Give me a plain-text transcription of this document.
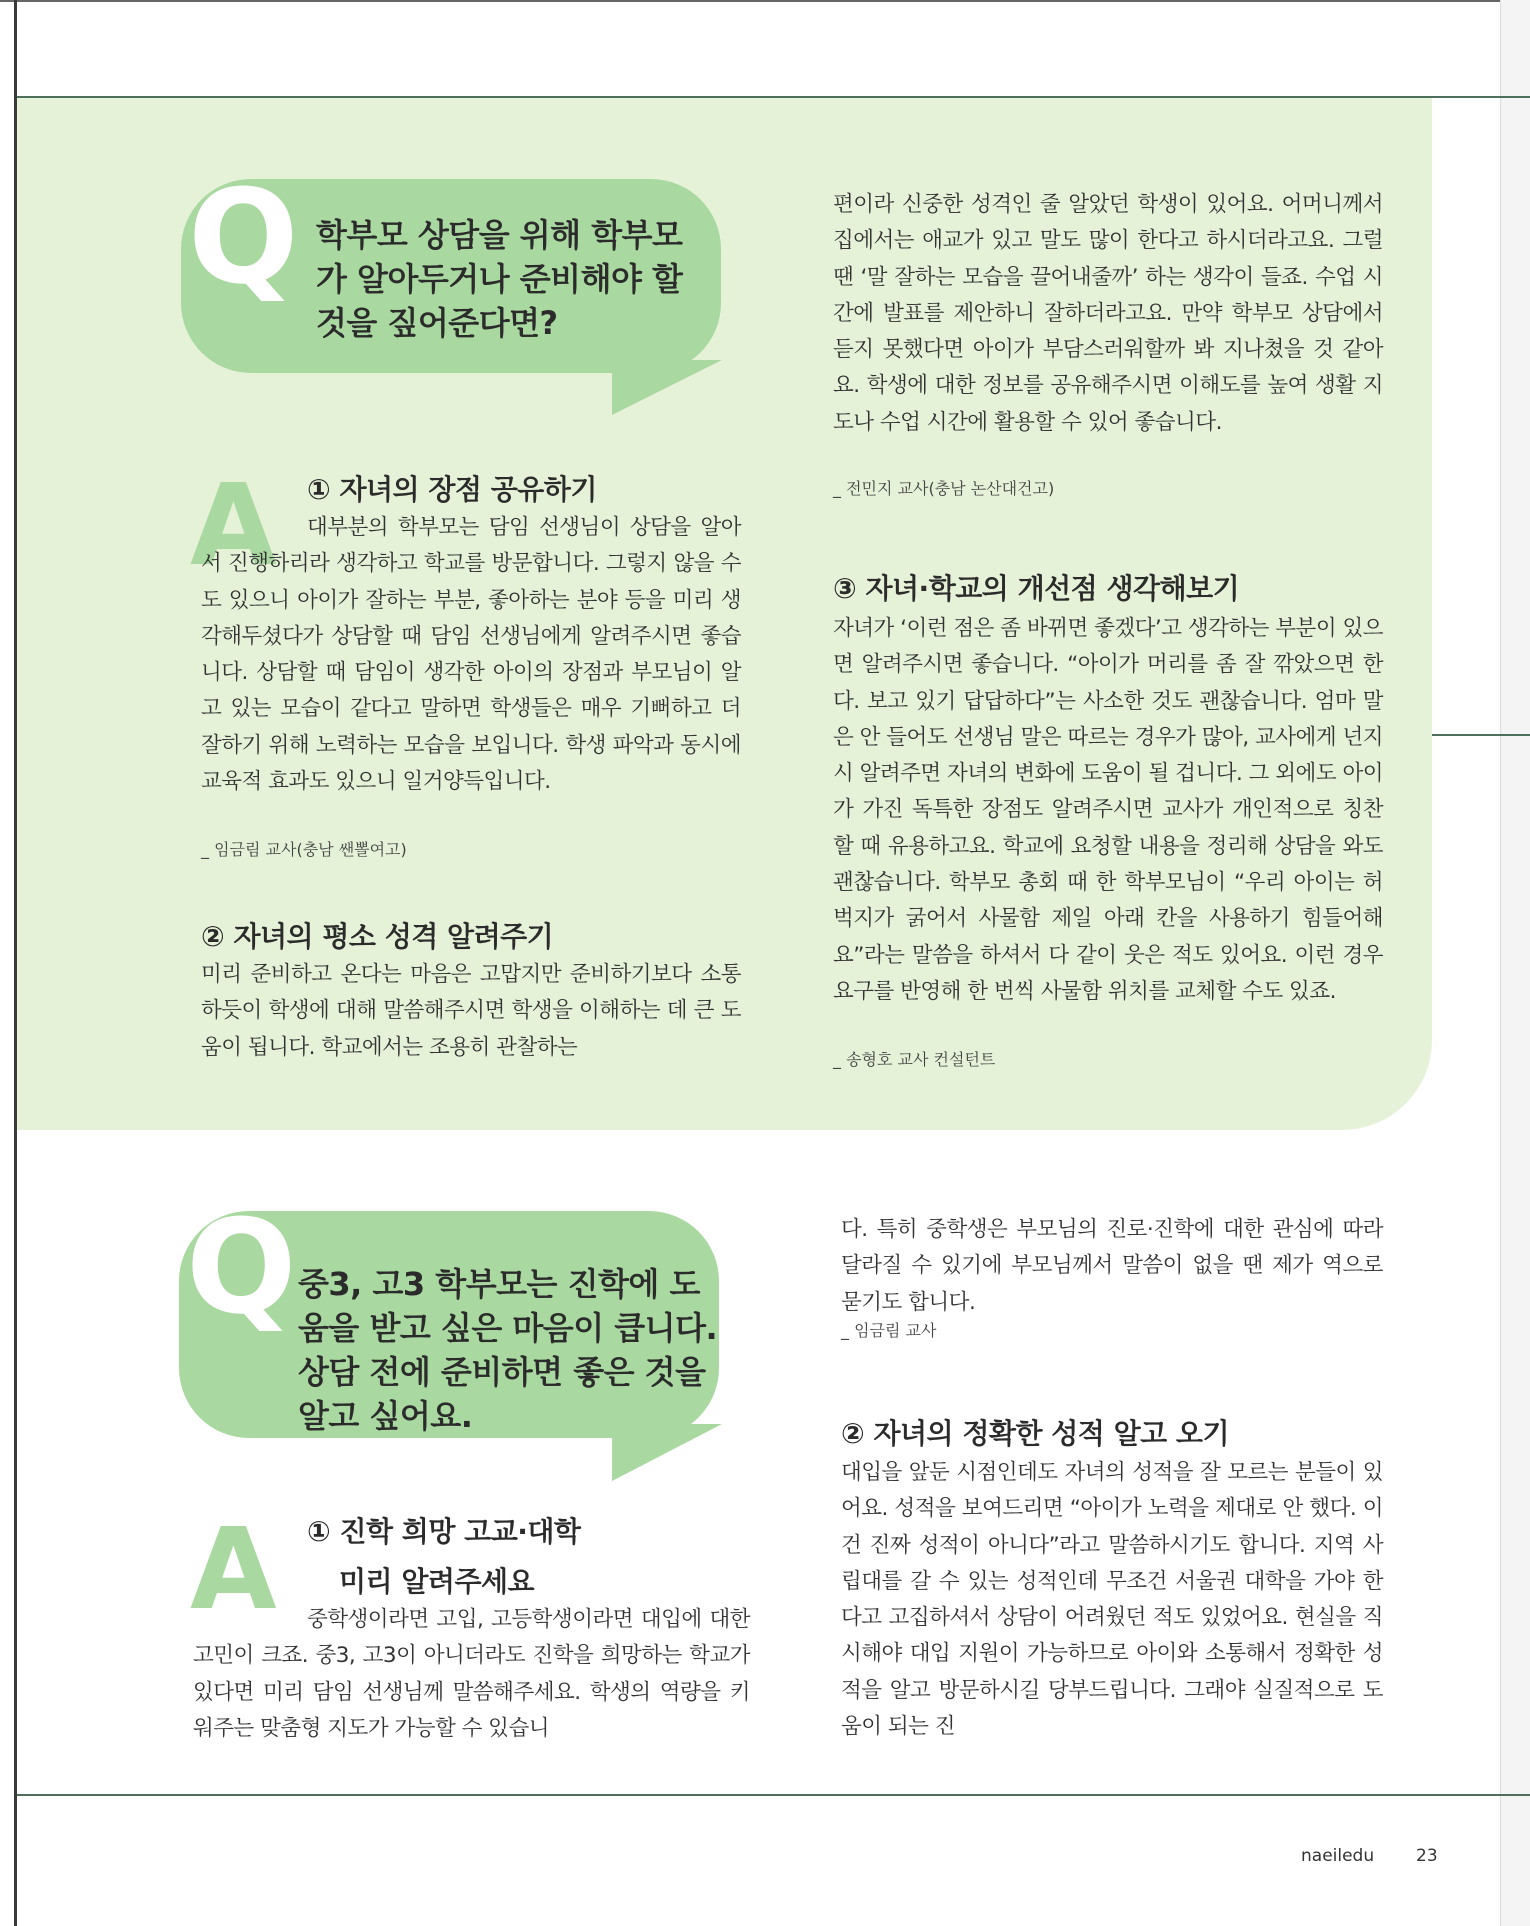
Q 학부모 상담을 위해 학부모가 알아두거나 준비해야 할 것을 짚어준다면?
A ① 자녀의 장점 공유하기

대부분의 학부모는 담임 선생님이 상담을 알아서 진행하리라 생각하고 학교를 방문합니다. 그렇지 않을 수도 있으니 아이가 잘하는 부분, 좋아하는 분야 등을 미리 생각해두셨다가 상담할 때 담임 선생님에게 알려주시면 좋습니다. 상담할 때 담임이 생각한 아이의 장점과 부모님이 알고 있는 모습이 같다고 말하면 학생들은 매우 기뻐하고 더 잘하기 위해 노력하는 모습을 보입니다. 학생 파악과 동시에 교육적 효과도 있으니 일거양득입니다.

_ 임금림 교사(충남 쌘뽈여고)
② 자녀의 평소 성격 알려주기
미리 준비하고 온다는 마음은 고맙지만 준비하기보다 소통하듯이 학생에 대해 말씀해주시면 학생을 이해하는 데 큰 도움이 됩니다. 학교에서는 조용히 관찰하는
편이라 신중한 성격인 줄 알았던 학생이 있어요. 어머니께서 집에서는 애교가 있고 말도 많이 한다고 하시더라고요. 그럴 땐 ‘말 잘하는 모습을 끌어내줄까’ 하는 생각이 들죠. 수업 시간에 발표를 제안하니 잘하더라고요. 만약 학부모 상담에서 듣지 못했다면 아이가 부담스러워할까 봐 지나쳤을 것 같아요. 학생에 대한 정보를 공유해주시면 이해도를 높여 생활 지도나 수업 시간에 활용할 수 있어 좋습니다.
_ 전민지 교사(충남 논산대건고)
③ 자녀·학교의 개선점 생각해보기
자녀가 ‘이런 점은 좀 바뀌면 좋겠다’고 생각하는 부분이 있으면 알려주시면 좋습니다. “아이가 머리를 좀 잘 깎았으면 한다. 보고 있기 답답하다”는 사소한 것도 괜찮습니다. 엄마 말은 안 들어도 선생님 말은 따르는 경우가 많아, 교사에게 넌지시 알려주면 자녀의 변화에 도움이 될 겁니다. 그 외에도 아이가 가진 독특한 장점도 알려주시면 교사가 개인적으로 칭찬할 때 유용하고요. 학교에 요청할 내용을 정리해 상담을 와도 괜찮습니다. 학부모 총회 때 한 학부모님이 “우리 아이는 허벅지가 굵어서 사물함 제일 아래 칸을 사용하기 힘들어해요”라는 말씀을 하셔서 다 같이 웃은 적도 있어요. 이런 경우 요구를 반영해 한 번씩 사물함 위치를 교체할 수도 있죠.
_ 송형호 교사 컨설턴트
Q 중3, 고3 학부모는 진학에 도움을 받고 싶은 마음이 큽니다. 상담 전에 준비하면 좋은 것을 알고 싶어요.
A ① 진학 희망 고교·대학
미리 알려주세요

중학생이라면 고입, 고등학생이라면 대입에 대한 고민이 크죠. 중3, 고3이 아니더라도 진학을 희망하는 학교가 있다면 미리 담임 선생님께 말씀해주세요. 학생의 역량을 키워주는 맞춤형 지도가 가능할 수 있습니

다. 특히 중학생은 부모님의 진로·진학에 대한 관심에 따라 달라질 수 있기에 부모님께서 말씀이 없을 땐 제가 역으로 묻기도 합니다.
_ 임금림 교사
② 자녀의 정확한 성적 알고 오기
대입을 앞둔 시점인데도 자녀의 성적을 잘 모르는 분들이 있어요. 성적을 보여드리면 “아이가 노력을 제대로 안 했다. 이건 진짜 성적이 아니다”라고 말씀하시기도 합니다. 지역 사립대를 갈 수 있는 성적인데 무조건 서울권 대학을 가야 한다고 고집하셔서 상담이 어려웠던 적도 있었어요. 현실을 직시해야 대입 지원이 가능하므로 아이와 소통해서 정확한 성적을 알고 방문하시길 당부드립니다. 그래야 실질적으로 도움이 되는 진
naeiledu 23
